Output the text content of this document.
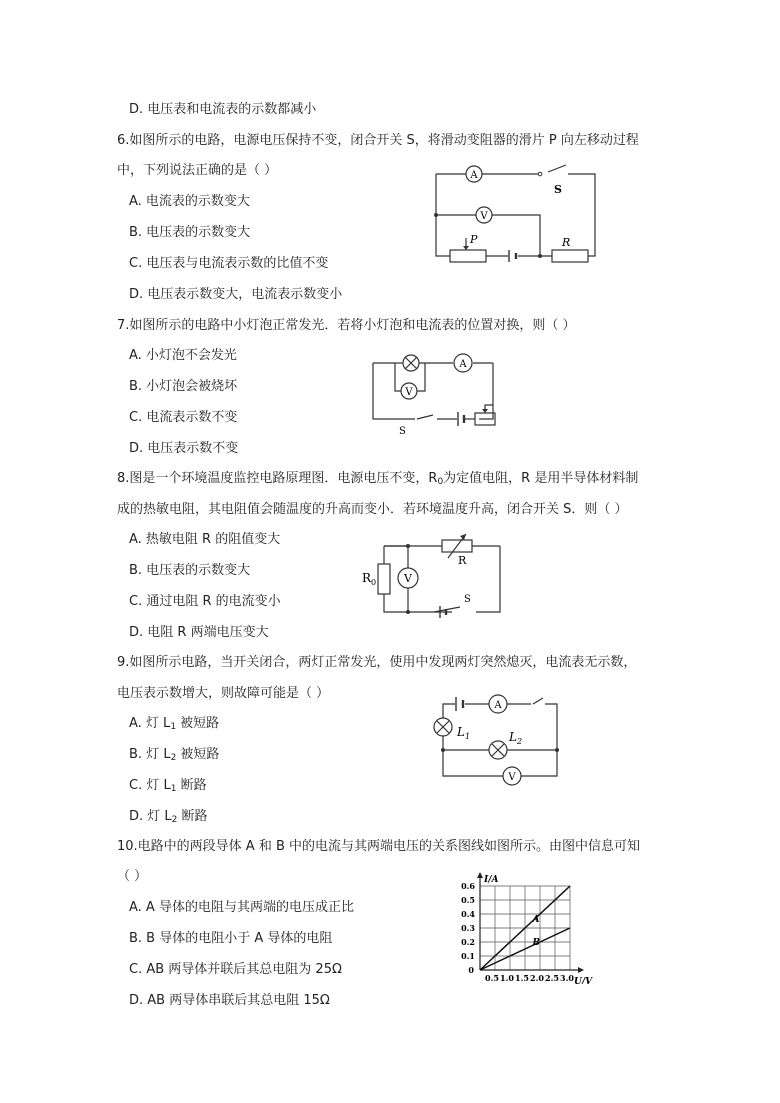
D. 电压表和电流表的示数都减小
6.如图所示的电路，电源电压保持不变，闭合开关 S，将滑动变阻器的滑片 P 向左移动过程
中，下列说法正确的是（ ）
A. 电流表的示数变大
B. 电压表的示数变大
C. 电压表与电流表示数的比值不变
D. 电压表示数变大，电流表示数变小
A
V
S
P	R
7.如图所示的电路中小灯泡正常发光．若将小灯泡和电流表的位置对换，则（ ）
A. 小灯泡不会发光
B. 小灯泡会被烧坏
C. 电流表示数不变
D. 电压表示数不变
A
V
S
8.图是一个环境温度监控电路原理图．电源电压不变，$R_0$为定值电阻，R 是用半导体材料制
成的热敏电阻，其电阻值会随温度的升高而变小．若环境温度升高，闭合开关 S．则（ ）
A. 热敏电阻 R 的阻值变大
B. 电压表的示数变大
C. 通过电阻 R 的电流变小
D. 电阻 R 两端电压变大
V
$R_0$
R
S
9.如图所示电路，当开关闭合，两灯正常发光，使用中发现两灯突然熄灭，电流表无示数，
电压表示数增大，则故障可能是（ ）
A. 灯 $L_1$ 被短路
B. 灯 $L_2$ 被短路
C. 灯 $L_1$ 断路
D. 灯 $L_2$ 断路
A
V
$L_1$	$L_2$
10.电路中的两段导体 A 和 B 中的电流与其两端电压的关系图线如图所示。由图中信息可知
（ ）
A. A 导体的电阻与其两端的电压成正比
B. B 导体的电阻小于 A 导体的电阻
C. AB 两导体并联后其总电阻为 25Ω
D. AB 两导体串联后其总电阻 15Ω
I/A
U/V
A
B
0.6
0.5
0.4
0.3
0.2
0.1
0.5 1.0 1.5 2.0 2.5 3.0
0
